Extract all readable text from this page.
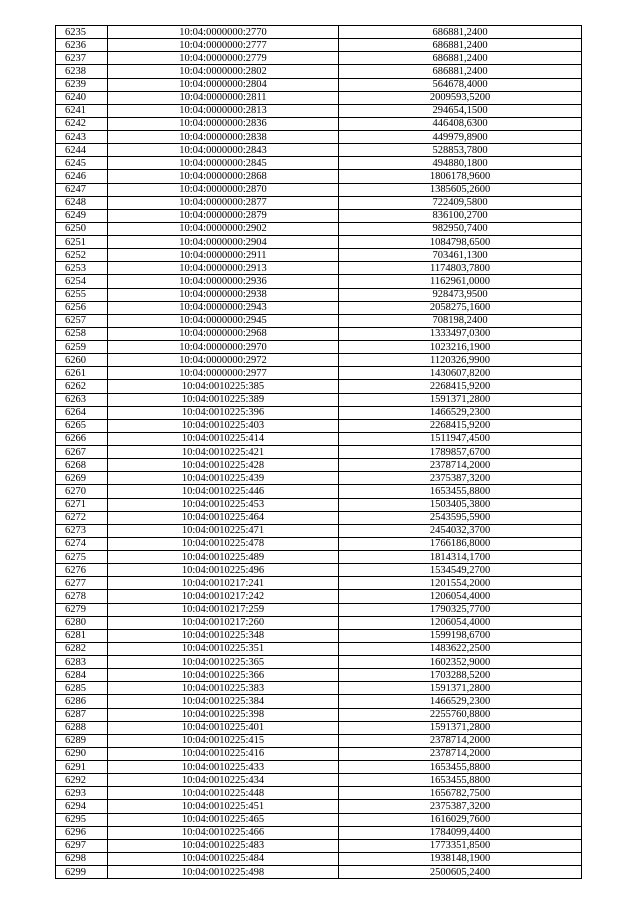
6235	10:04:0000000:2770	686881,2400
6236	10:04:0000000:2777	686881,2400
6237	10:04:0000000:2779	686881,2400
6238	10:04:0000000:2802	686881,2400
6239	10:04:0000000:2804	564678,4000
6240	10:04:0000000:2811	2009593,5200
6241	10:04:0000000:2813	294654,1500
6242	10:04:0000000:2836	446408,6300
6243	10:04:0000000:2838	449979,8900
6244	10:04:0000000:2843	528853,7800
6245	10:04:0000000:2845	494880,1800
6246	10:04:0000000:2868	1806178,9600
6247	10:04:0000000:2870	1385605,2600
6248	10:04:0000000:2877	722409,5800
6249	10:04:0000000:2879	836100,2700
6250	10:04:0000000:2902	982950,7400
6251	10:04:0000000:2904	1084798,6500
6252	10:04:0000000:2911	703461,1300
6253	10:04:0000000:2913	1174803,7800
6254	10:04:0000000:2936	1162961,0000
6255	10:04:0000000:2938	928473,9500
6256	10:04:0000000:2943	2058275,1600
6257	10:04:0000000:2945	708198,2400
6258	10:04:0000000:2968	1333497,0300
6259	10:04:0000000:2970	1023216,1900
6260	10:04:0000000:2972	1120326,9900
6261	10:04:0000000:2977	1430607,8200
6262	10:04:0010225:385	2268415,9200
6263	10:04:0010225:389	1591371,2800
6264	10:04:0010225:396	1466529,2300
6265	10:04:0010225:403	2268415,9200
6266	10:04:0010225:414	1511947,4500
6267	10:04:0010225:421	1789857,6700
6268	10:04:0010225:428	2378714,2000
6269	10:04:0010225:439	2375387,3200
6270	10:04:0010225:446	1653455,8800
6271	10:04:0010225:453	1503405,3800
6272	10:04:0010225:464	2543595,5900
6273	10:04:0010225:471	2454032,3700
6274	10:04:0010225:478	1766186,8000
6275	10:04:0010225:489	1814314,1700
6276	10:04:0010225:496	1534549,2700
6277	10:04:0010217:241	1201554,2000
6278	10:04:0010217:242	1206054,4000
6279	10:04:0010217:259	1790325,7700
6280	10:04:0010217:260	1206054,4000
6281	10:04:0010225:348	1599198,6700
6282	10:04:0010225:351	1483622,2500
6283	10:04:0010225:365	1602352,9000
6284	10:04:0010225:366	1703288,5200
6285	10:04:0010225:383	1591371,2800
6286	10:04:0010225:384	1466529,2300
6287	10:04:0010225:398	2255760,8800
6288	10:04:0010225:401	1591371,2800
6289	10:04:0010225:415	2378714,2000
6290	10:04:0010225:416	2378714,2000
6291	10:04:0010225:433	1653455,8800
6292	10:04:0010225:434	1653455,8800
6293	10:04:0010225:448	1656782,7500
6294	10:04:0010225:451	2375387,3200
6295	10:04:0010225:465	1616029,7600
6296	10:04:0010225:466	1784099,4400
6297	10:04:0010225:483	1773351,8500
6298	10:04:0010225:484	1938148,1900
6299	10:04:0010225:498	2500605,2400
